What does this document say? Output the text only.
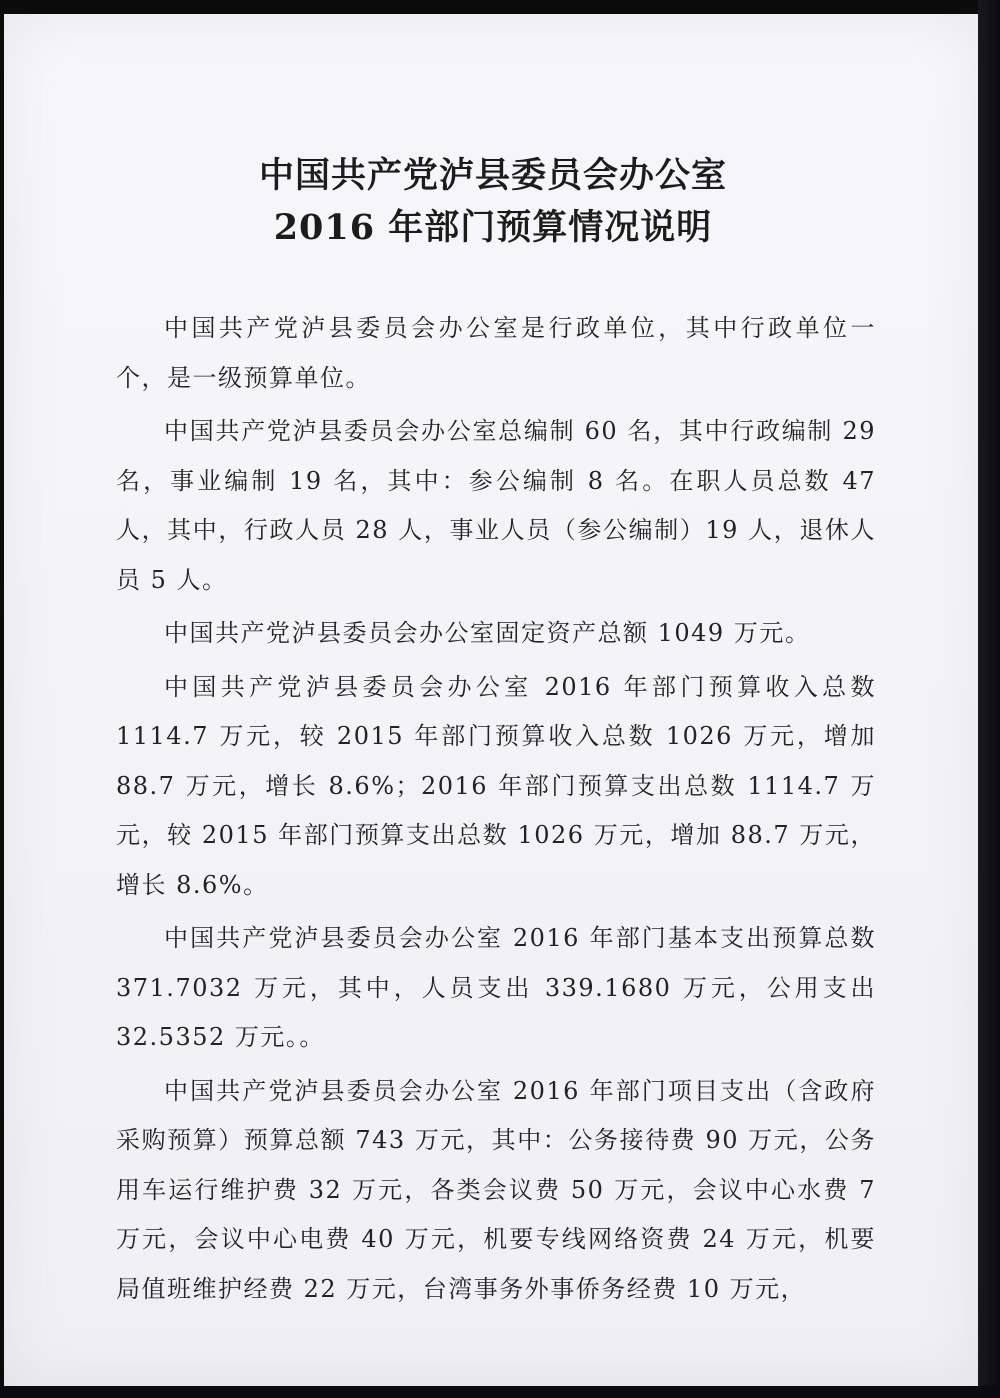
中国共产党泸县委员会办公室
2016 年部门预算情况说明

中国共产党泸县委员会办公室是行政单位，其中行政单位一个，是一级预算单位。

中国共产党泸县委员会办公室总编制 60 名，其中行政编制 29 名，事业编制 19 名，其中：参公编制 8 名。在职人员总数 47 人，其中，行政人员 28 人，事业人员（参公编制）19 人，退休人员 5 人。

中国共产党泸县委员会办公室固定资产总额 1049 万元。

中国共产党泸县委员会办公室 2016 年部门预算收入总数 1114.7 万元，较 2015 年部门预算收入总数 1026 万元，增加 88.7 万元，增长 8.6%；2016 年部门预算支出总数 1114.7 万元，较 2015 年部门预算支出总数 1026 万元，增加 88.7 万元，增长 8.6%。

中国共产党泸县委员会办公室 2016 年部门基本支出预算总数 371.7032 万元，其中，人员支出 339.1680 万元，公用支出 32.5352 万元。。

中国共产党泸县委员会办公室 2016 年部门项目支出（含政府采购预算）预算总额 743 万元，其中：公务接待费 90 万元，公务用车运行维护费 32 万元，各类会议费 50 万元，会议中心水费 7 万元，会议中心电费 40 万元，机要专线网络资费 24 万元，机要局值班维护经费 22 万元，台湾事务外事侨务经费 10 万元，
